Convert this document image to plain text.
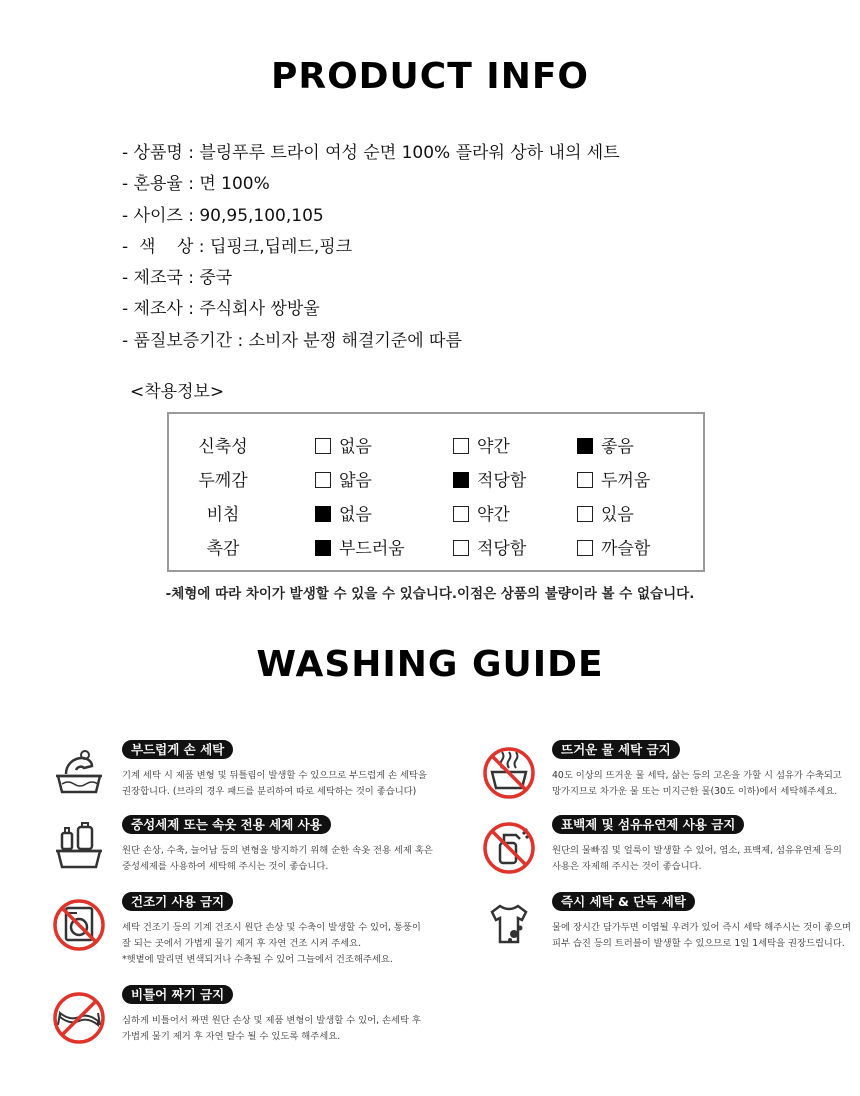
PRODUCT INFO
- 상품명 : 블링푸루 트라이 여성 순면 100% 플라워 상하 내의 세트
- 혼용율 : 면 100%
- 사이즈 : 90,95,100,105
-  색    상 : 딥핑크,딥레드,핑크
- 제조국 : 중국
- 제조사 : 주식회사 쌍방울
- 품질보증기간 : 소비자 분쟁 해결기준에 따름
<착용정보>
신축성	없음	약간	좋음
두께감	얇음	적당함	두꺼움
비침	없음	약간	있음
촉감	부드러움	적당함	까슬함
-체형에 따라 차이가 발생할 수 있을 수 있습니다.이점은 상품의 불량이라 볼 수 없습니다.
WASHING GUIDE
부드럽게 손 세탁
기계 세탁 시 제품 변형 및 뒤틀림이 발생할 수 있으므로 부드럽게 손 세탁을
권장합니다. (브라의 경우 패드를 분리하여 따로 세탁하는 것이 좋습니다)
중성세제 또는 속옷 전용 세제 사용
원단 손상, 수축, 늘어남 등의 변형을 방지하기 위해 순한 속옷 전용 세제 혹은
중성세제를 사용하여 세탁해 주시는 것이 좋습니다.
건조기 사용 금지
세탁 건조기 등의 기계 건조시 원단 손상 및 수축이 발생할 수 있어, 통풍이
잘 되는 곳에서 가볍게 물기 제거 후 자연 건조 시켜 주세요.
*햇볕에 말리면 변색되거나 수축될 수 있어 그늘에서 건조해주세요.
비틀어 짜기 금지
심하게 비틀어서 짜면 원단 손상 및 제품 변형이 발생할 수 있어, 손세탁 후
가볍게 물기 제거 후 자연 탈수 될 수 있도록 해주세요.
뜨거운 물 세탁 금지
40도 이상의 뜨거운 물 세탁, 삶는 등의 고온을 가할 시 섬유가 수축되고
망가지므로 차가운 물 또는 미지근한 물(30도 이하)에서 세탁해주세요.
표백제 및 섬유유연제 사용 금지
원단의 물빠짐 및 얼룩이 발생할 수 있어, 염소, 표백제, 섬유유연제 등의
사용은 자제해 주시는 것이 좋습니다.
즉시 세탁 & 단독 세탁
물에 장시간 담가두면 이염될 우려가 있어 즉시 세탁 해주시는 것이 좋으며
피부 습진 등의 트러블이 발생할 수 있으므로 1일 1세탁을 권장드립니다.
